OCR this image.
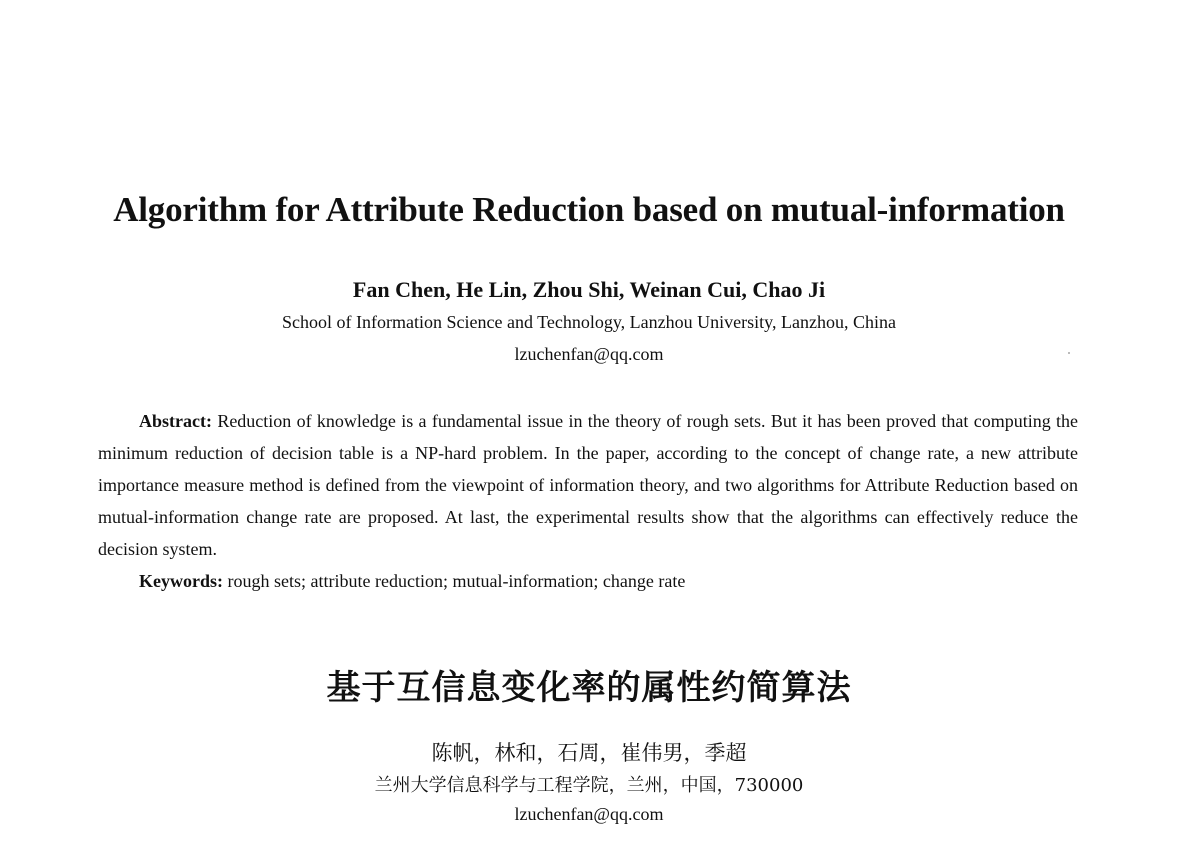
Algorithm for Attribute Reduction based on mutual-information
Fan Chen, He Lin, Zhou Shi, Weinan Cui, Chao Ji
School of Information Science and Technology, Lanzhou University, Lanzhou, China
lzuchenfan@qq.com

Abstract: Reduction of knowledge is a fundamental issue in the theory of rough sets. But it has been proved that computing the minimum reduction of decision table is a NP-hard problem. In the paper, according to the concept of change rate, a new attribute importance measure method is defined from the viewpoint of information theory, and two algorithms for Attribute Reduction based on mutual-information change rate are proposed. At last, the experimental results show that the algorithms can effectively reduce the decision system.

Keywords: rough sets; attribute reduction; mutual-information; change rate
基于互信息变化率的属性约简算法
陈帆，林和，石周，崔伟男，季超
兰州大学信息科学与工程学院，兰州，中国，730000
lzuchenfan@qq.com
